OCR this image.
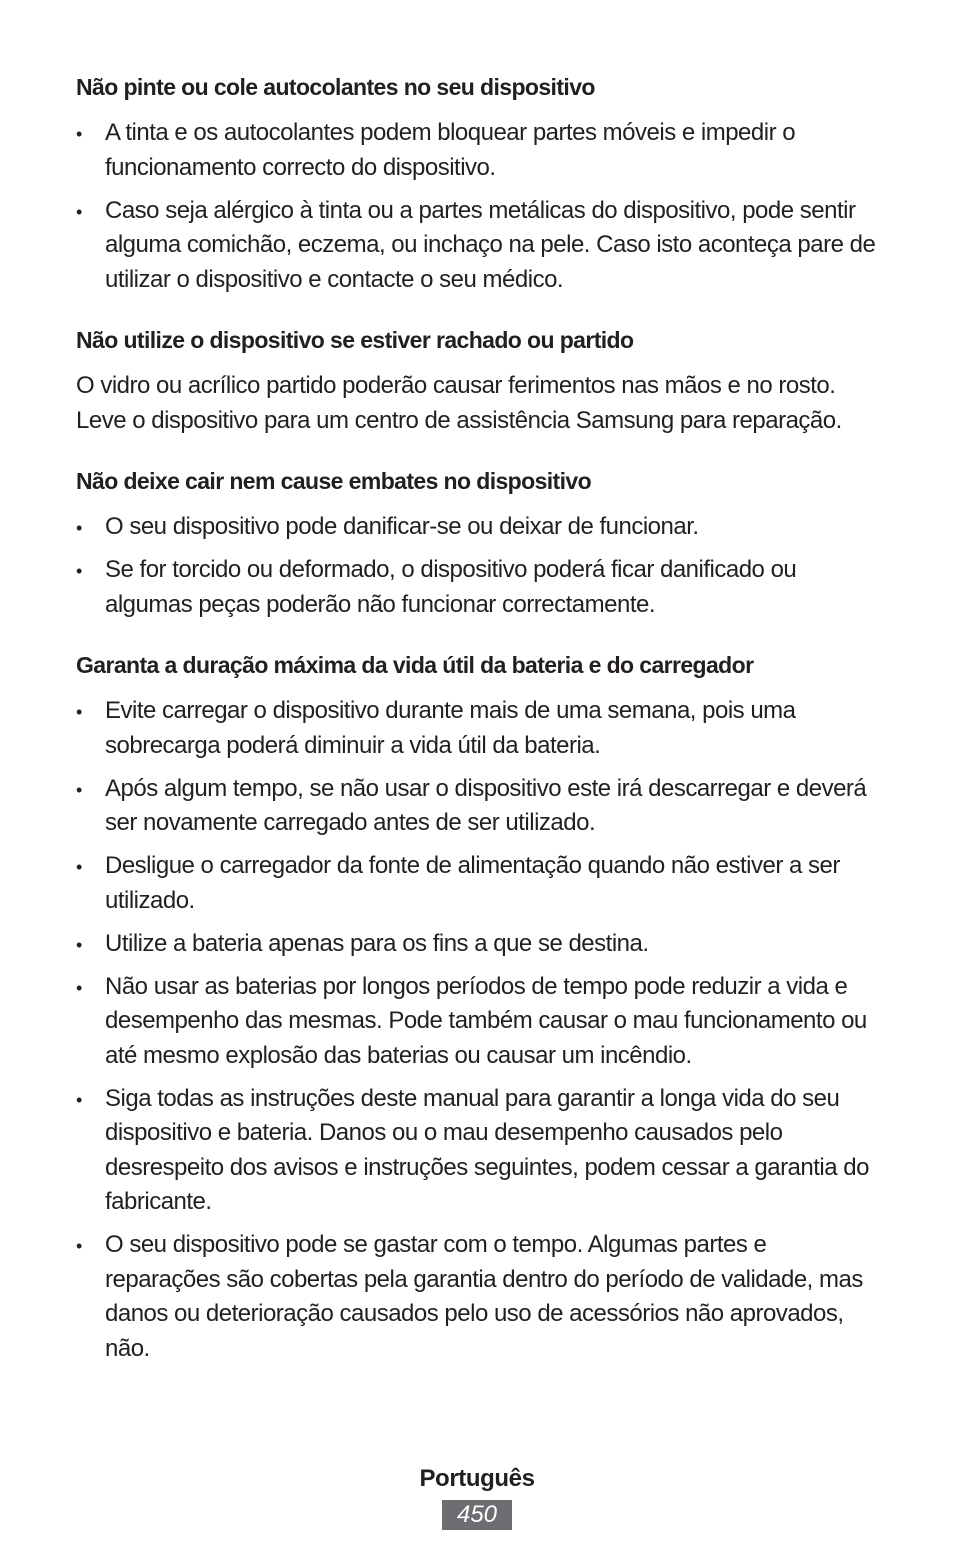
Não pinte ou cole autocolantes no seu dispositivo
• A tinta e os autocolantes podem bloquear partes móveis e impedir o funcionamento correcto do dispositivo.
• Caso seja alérgico à tinta ou a partes metálicas do dispositivo, pode sentir alguma comichão, eczema, ou inchaço na pele. Caso isto aconteça pare de utilizar o dispositivo e contacte o seu médico.
Não utilize o dispositivo se estiver rachado ou partido

O vidro ou acrílico partido poderão causar ferimentos nas mãos e no rosto. Leve o dispositivo para um centro de assistência Samsung para reparação.

Não deixe cair nem cause embates no dispositivo
• O seu dispositivo pode danificar-se ou deixar de funcionar.
• Se for torcido ou deformado, o dispositivo poderá ficar danificado ou algumas peças poderão não funcionar correctamente.
Garanta a duração máxima da vida útil da bateria e do carregador
• Evite carregar o dispositivo durante mais de uma semana, pois uma sobrecarga poderá diminuir a vida útil da bateria.
• Após algum tempo, se não usar o dispositivo este irá descarregar e deverá ser novamente carregado antes de ser utilizado.
• Desligue o carregador da fonte de alimentação quando não estiver a ser utilizado.
• Utilize a bateria apenas para os fins a que se destina.
• Não usar as baterias por longos períodos de tempo pode reduzir a vida e desempenho das mesmas. Pode também causar o mau funcionamento ou até mesmo explosão das baterias ou causar um incêndio.
• Siga todas as instruções deste manual para garantir a longa vida do seu dispositivo e bateria. Danos ou o mau desempenho causados pelo desrespeito dos avisos e instruções seguintes, podem cessar a garantia do fabricante.
• O seu dispositivo pode se gastar com o tempo. Algumas partes e reparações são cobertas pela garantia dentro do período de validade, mas danos ou deterioração causados pelo uso de acessórios não aprovados, não.
Português
450
